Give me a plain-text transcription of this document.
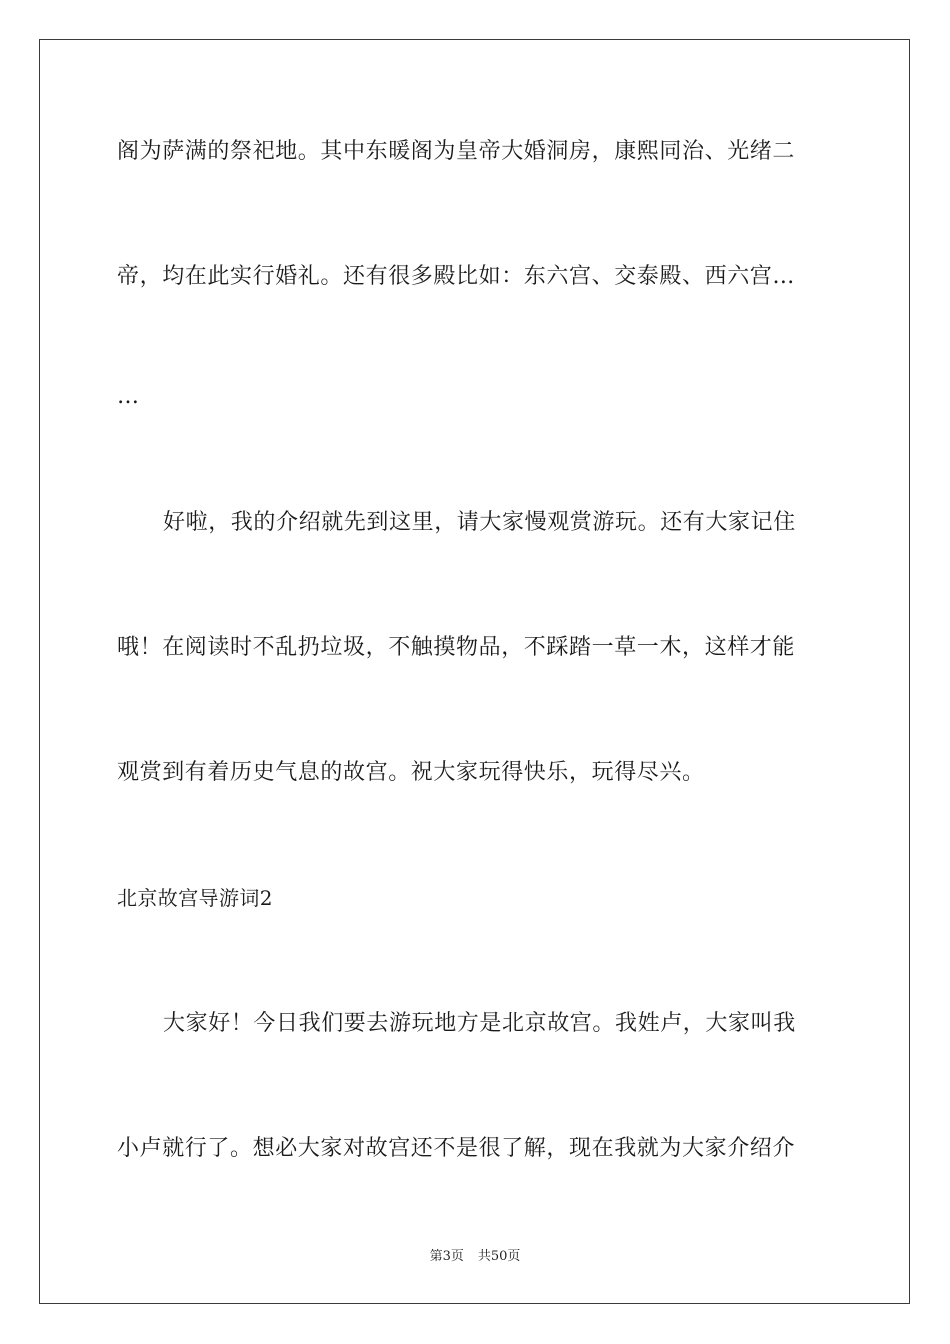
阁为萨满的祭祀地。其中东暖阁为皇帝大婚洞房，康熙同治、光绪二
帝，均在此实行婚礼。还有很多殿比如：东六宫、交泰殿、西六宫…
…
好啦，我的介绍就先到这里，请大家慢观赏游玩。还有大家记住
哦！在阅读时不乱扔垃圾，不触摸物品，不踩踏一草一木，这样才能
观赏到有着历史气息的故宫。祝大家玩得快乐，玩得尽兴。
北京故宫导游词2
大家好！今日我们要去游玩地方是北京故宫。我姓卢，大家叫我
小卢就行了。想必大家对故宫还不是很了解，现在我就为大家介绍介
第3页 共50页
